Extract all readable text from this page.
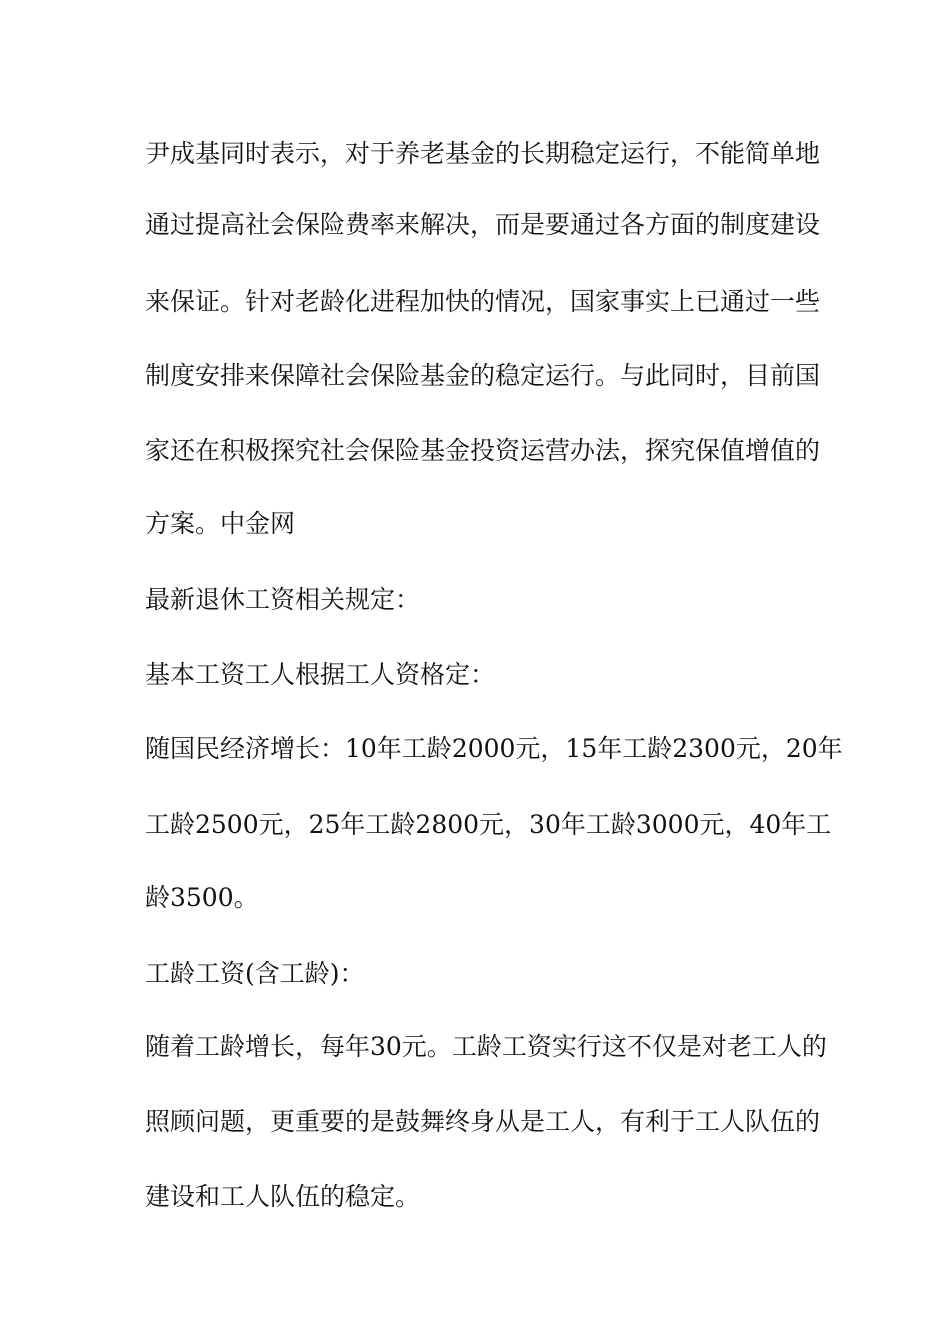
尹成基同时表示，对于养老基金的长期稳定运行，不能简单地
通过提高社会保险费率来解决，而是要通过各方面的制度建设
来保证。针对老龄化进程加快的情况，国家事实上已通过一些
制度安排来保障社会保险基金的稳定运行。与此同时，目前国
家还在积极探究社会保险基金投资运营办法，探究保值增值的
方案。中金网
最新退休工资相关规定：
基本工资工人根据工人资格定：
随国民经济增长：10年工龄2000元，15年工龄2300元，20年
工龄2500元，25年工龄2800元，30年工龄3000元，40年工
龄3500。
工龄工资(含工龄)：
随着工龄增长，每年30元。工龄工资实行这不仅是对老工人的
照顾问题，更重要的是鼓舞终身从是工人，有利于工人队伍的
建设和工人队伍的稳定。
